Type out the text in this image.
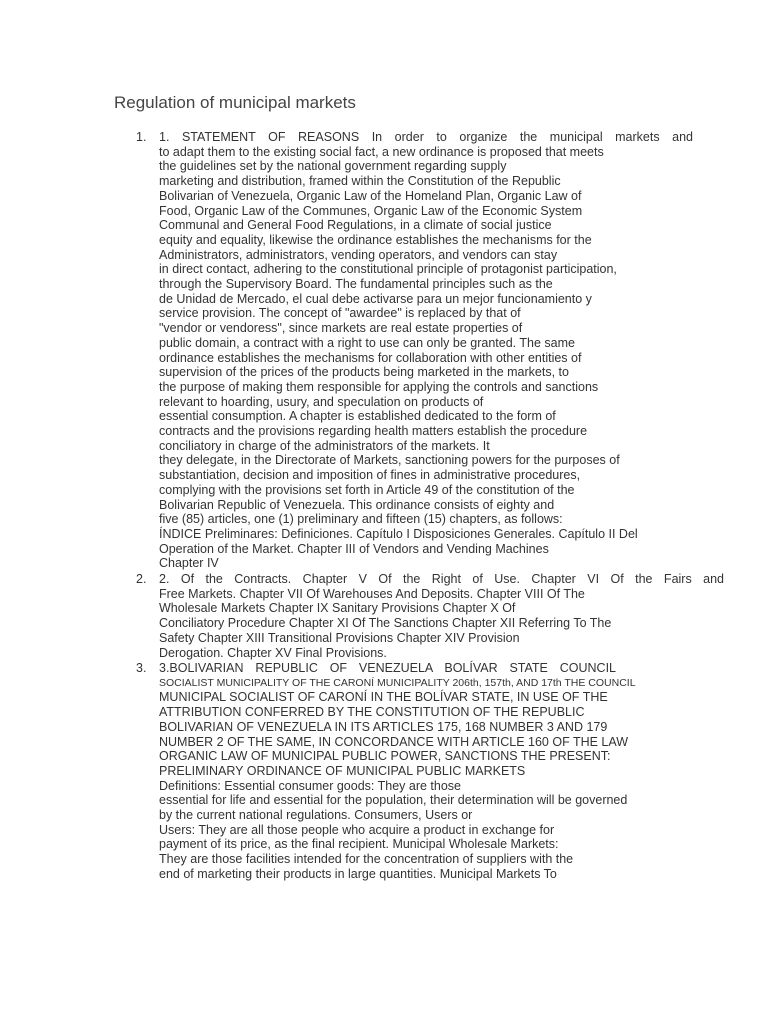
Regulation of municipal markets
1. 1. STATEMENT OF REASONS In order to organize the municipal markets and
to adapt them to the existing social fact, a new ordinance is proposed that meets
the guidelines set by the national government regarding supply
marketing and distribution, framed within the Constitution of the Republic
Bolivarian of Venezuela, Organic Law of the Homeland Plan, Organic Law of
Food, Organic Law of the Communes, Organic Law of the Economic System
Communal and General Food Regulations, in a climate of social justice
equity and equality, likewise the ordinance establishes the mechanisms for the
Administrators, administrators, vending operators, and vendors can stay
in direct contact, adhering to the constitutional principle of protagonist participation,
through the Supervisory Board. The fundamental principles such as the
de Unidad de Mercado, el cual debe activarse para un mejor funcionamiento y
service provision. The concept of "awardee" is replaced by that of
"vendor or vendoress", since markets are real estate properties of
public domain, a contract with a right to use can only be granted. The same
ordinance establishes the mechanisms for collaboration with other entities of
supervision of the prices of the products being marketed in the markets, to
the purpose of making them responsible for applying the controls and sanctions
relevant to hoarding, usury, and speculation on products of
essential consumption. A chapter is established dedicated to the form of
contracts and the provisions regarding health matters establish the procedure
conciliatory in charge of the administrators of the markets. It
they delegate, in the Directorate of Markets, sanctioning powers for the purposes of
substantiation, decision and imposition of fines in administrative procedures,
complying with the provisions set forth in Article 49 of the constitution of the
Bolivarian Republic of Venezuela. This ordinance consists of eighty and
five (85) articles, one (1) preliminary and fifteen (15) chapters, as follows:
ÍNDICE Preliminares: Definiciones. Capítulo I Disposiciones Generales. Capítulo II Del
Operation of the Market. Chapter III of Vendors and Vending Machines
Chapter IV
2. 2. Of the Contracts. Chapter V Of the Right of Use. Chapter VI Of the Fairs and
Free Markets. Chapter VII Of Warehouses And Deposits. Chapter VIII Of The
Wholesale Markets Chapter IX Sanitary Provisions Chapter X Of
Conciliatory Procedure Chapter XI Of The Sanctions Chapter XII Referring To The
Safety Chapter XIII Transitional Provisions Chapter XIV Provision
Derogation. Chapter XV Final Provisions.
3. 3.BOLIVARIAN REPUBLIC OF VENEZUELA BOLÍVAR STATE COUNCIL
SOCIALIST MUNICIPALITY OF THE CARONÍ MUNICIPALITY 206th, 157th, AND 17th THE COUNCIL
MUNICIPAL SOCIALIST OF CARONÍ IN THE BOLÍVAR STATE, IN USE OF THE
ATTRIBUTION CONFERRED BY THE CONSTITUTION OF THE REPUBLIC
BOLIVARIAN OF VENEZUELA IN ITS ARTICLES 175, 168 NUMBER 3 AND 179
NUMBER 2 OF THE SAME, IN CONCORDANCE WITH ARTICLE 160 OF THE LAW
ORGANIC LAW OF MUNICIPAL PUBLIC POWER, SANCTIONS THE PRESENT:
PRELIMINARY ORDINANCE OF MUNICIPAL PUBLIC MARKETS
Definitions: Essential consumer goods: They are those
essential for life and essential for the population, their determination will be governed
by the current national regulations. Consumers, Users or
Users: They are all those people who acquire a product in exchange for
payment of its price, as the final recipient. Municipal Wholesale Markets:
They are those facilities intended for the concentration of suppliers with the
end of marketing their products in large quantities. Municipal Markets To
